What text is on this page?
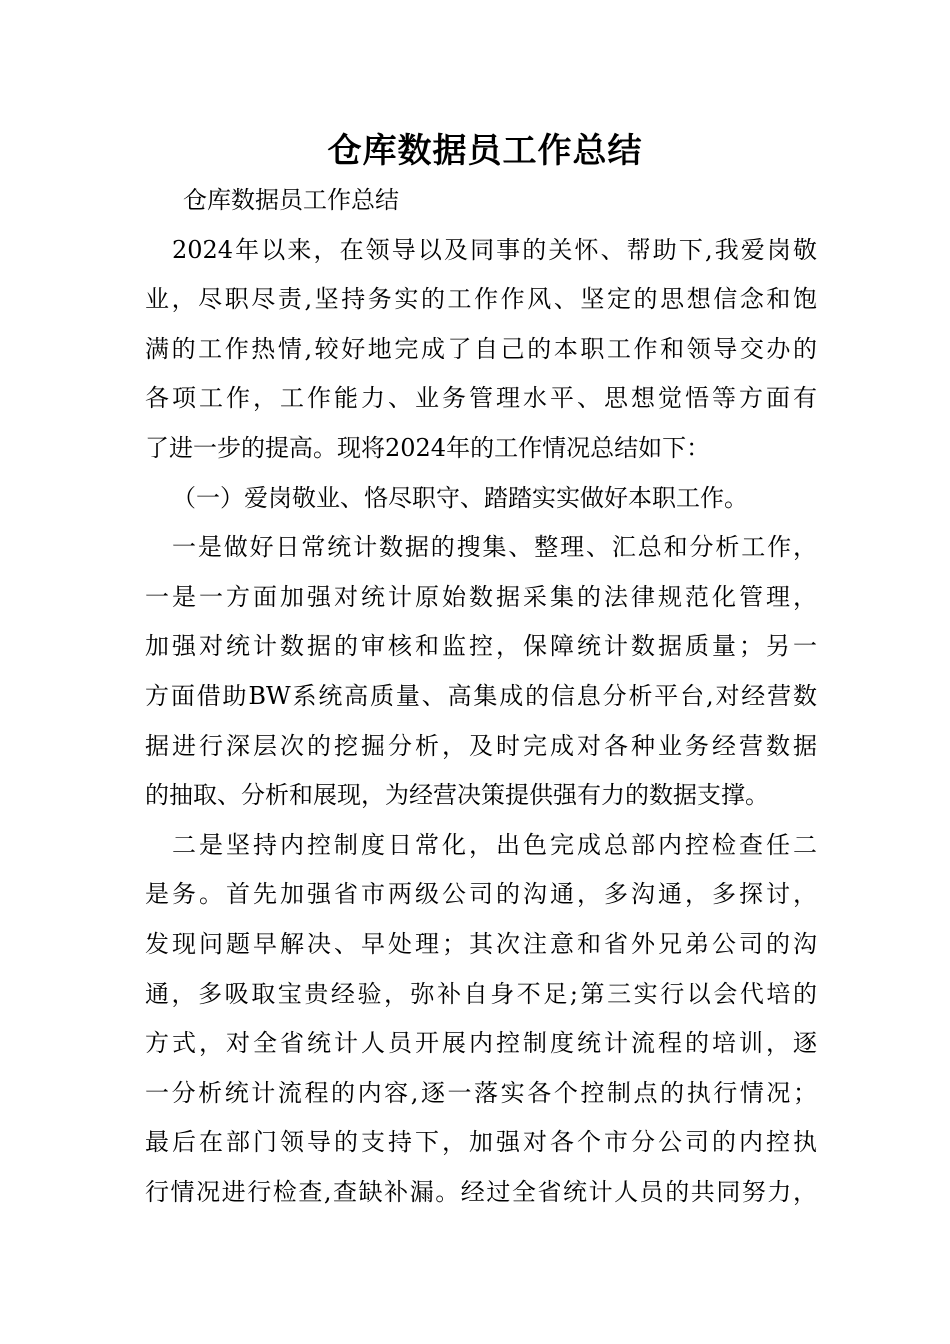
仓库数据员工作总结
仓库数据员工作总结
2024年以来，在领导以及同事的关怀、帮助下,我爱岗敬
业，尽职尽责,坚持务实的工作作风、坚定的思想信念和饱
满的工作热情,较好地完成了自己的本职工作和领导交办的
各项工作，工作能力、业务管理水平、思想觉悟等方面有
了进一步的提高。现将2024年的工作情况总结如下：
（一）爱岗敬业、恪尽职守、踏踏实实做好本职工作。
一是做好日常统计数据的搜集、整理、汇总和分析工作，
一是一方面加强对统计原始数据采集的法律规范化管理，
加强对统计数据的审核和监控，保障统计数据质量；另一
方面借助BW系统高质量、高集成的信息分析平台,对经营数
据进行深层次的挖掘分析，及时完成对各种业务经营数据
的抽取、分析和展现，为经营决策提供强有力的数据支撑。
二是坚持内控制度日常化，出色完成总部内控检查任二
是务。首先加强省市两级公司的沟通，多沟通，多探讨，
发现问题早解决、早处理；其次注意和省外兄弟公司的沟
通，多吸取宝贵经验，弥补自身不足;第三实行以会代培的
方式，对全省统计人员开展内控制度统计流程的培训，逐
一分析统计流程的内容,逐一落实各个控制点的执行情况；
最后在部门领导的支持下，加强对各个市分公司的内控执
行情况进行检查,查缺补漏。经过全省统计人员的共同努力，
